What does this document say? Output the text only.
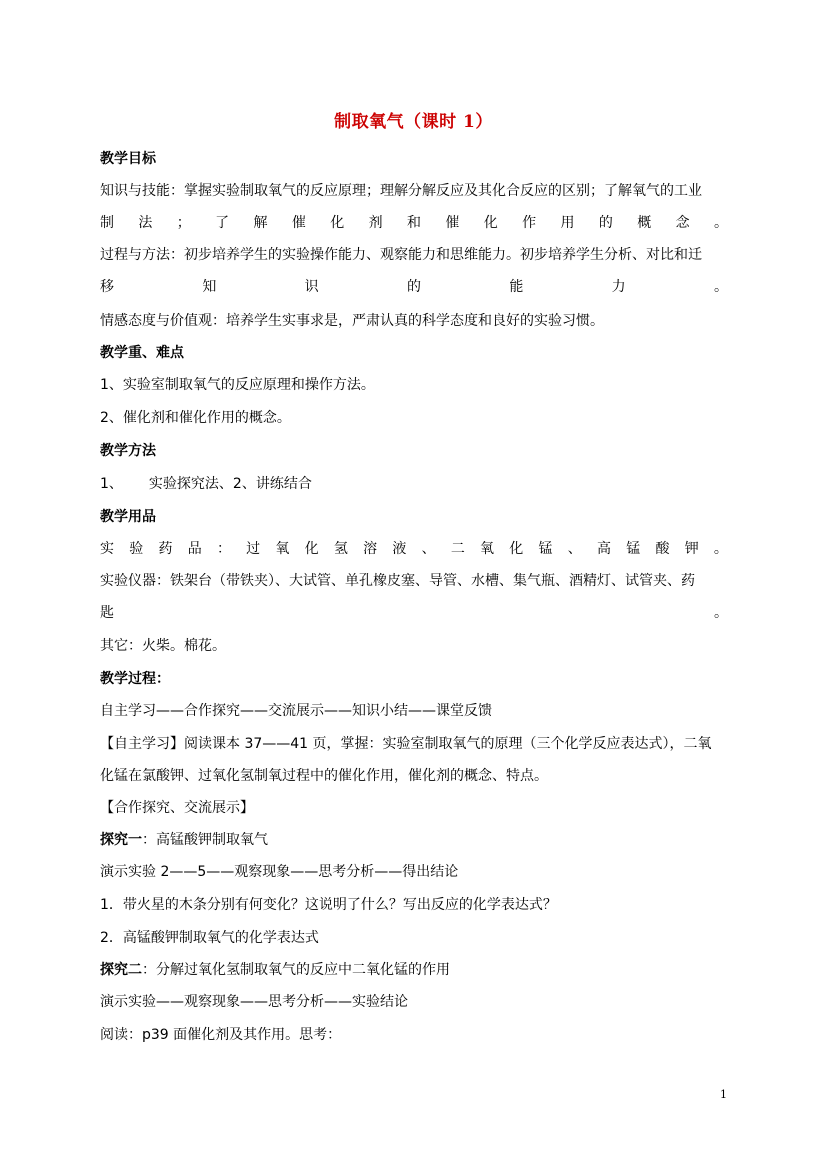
制取氧气（课时 1）
教学目标
知识与技能：掌握实验制取氧气的反应原理；理解分解反应及其化合反应的区别；了解氧气的工业
制 法 ； 了 解 催 化 剂 和 催 化 作 用 的 概 念 。
过程与方法：初步培养学生的实验操作能力、观察能力和思维能力。初步培养学生分析、对比和迁
移	知	识	的	能	力	。
情感态度与价值观：培养学生实事求是，严肃认真的科学态度和良好的实验习惯。
教学重、难点
1、实验室制取氧气的反应原理和操作方法。
2、催化剂和催化作用的概念。
教学方法
1、 实验探究法、2、讲练结合
教学用品
实 验 药 品 ： 过 氧 化 氢 溶 液 、 二 氧 化 锰 、 高 锰 酸 钾 。
实验仪器：铁架台（带铁夹）、大试管、单孔橡皮塞、导管、水槽、集气瓶、酒精灯、试管夹、药
匙	。
其它：火柴。棉花。
教学过程：
自主学习——合作探究——交流展示——知识小结——课堂反馈
【自主学习】阅读课本 37——41 页，掌握：实验室制取氧气的原理（三个化学反应表达式），二氧
化锰在氯酸钾、过氧化氢制氧过程中的催化作用，催化剂的概念、特点。
【合作探究、交流展示】
探究一：高锰酸钾制取氧气
演示实验 2——5——观察现象——思考分析——得出结论
1．带火星的木条分别有何变化？这说明了什么？写出反应的化学表达式？
2．高锰酸钾制取氧气的化学表达式
探究二：分解过氧化氢制取氧气的反应中二氧化锰的作用
演示实验——观察现象——思考分析——实验结论
阅读：p39 面催化剂及其作用。思考：
1
